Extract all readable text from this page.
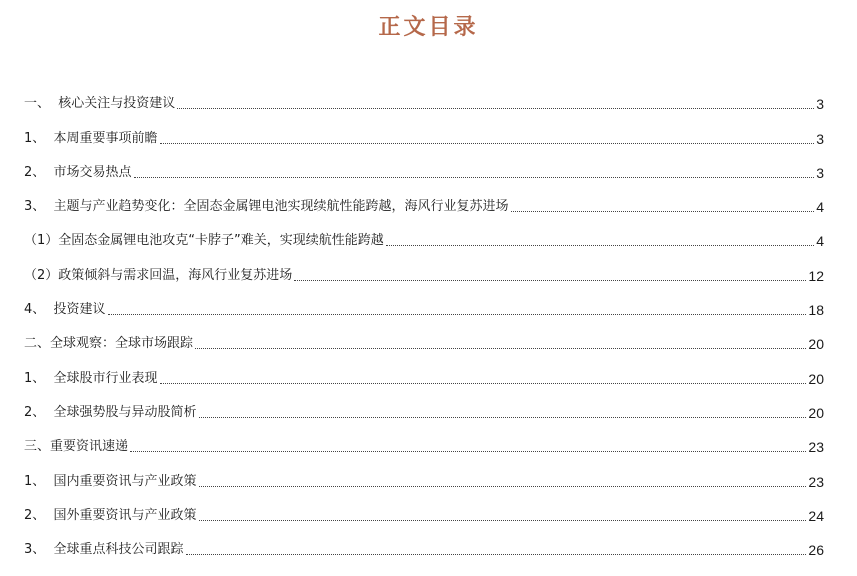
正文目录
一、  核心关注与投资建议	3
1、  本周重要事项前瞻	3
2、  市场交易热点	3
3、  主题与产业趋势变化：全固态金属锂电池实现续航性能跨越，海风行业复苏进场	4
（1）全固态金属锂电池攻克“卡脖子”难关，实现续航性能跨越	4
（2）政策倾斜与需求回温，海风行业复苏进场	12
4、  投资建议	18
二、全球观察：全球市场跟踪	20
1、  全球股市行业表现	20
2、  全球强势股与异动股简析	20
三、重要资讯速递	23
1、  国内重要资讯与产业政策	23
2、  国外重要资讯与产业政策	24
3、  全球重点科技公司跟踪	26
